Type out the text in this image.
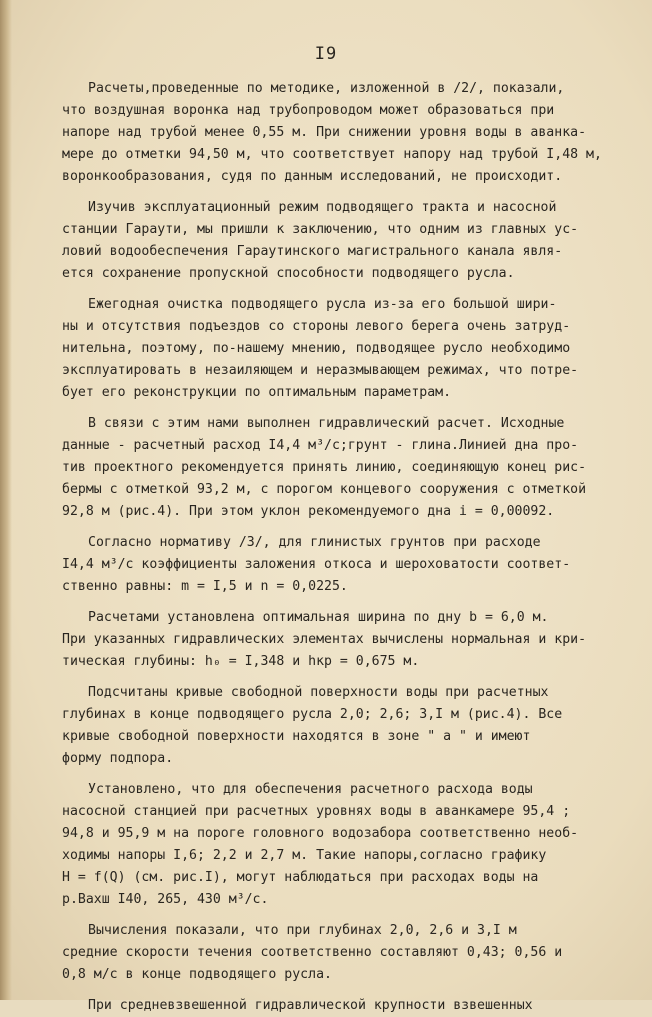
I9
Расчеты,проведенные по методике, изложенной в /2/, показали,
что воздушная воронка над трубопроводом может образоваться при
напоре над трубой менее 0,55 м. При снижении уровня воды в аванка-
мере до отметки 94,50 м, что соответствует напору над трубой I,48 м,
воронкообразования, судя по данным исследований, не происходит.
Изучив эксплуатационный режим подводящего тракта и насосной
станции Гараути, мы пришли к заключению, что одним из главных ус-
ловий водообеспечения Гараутинского магистрального канала явля-
ется сохранение пропускной способности подводящего русла.
Ежегодная очистка подводящего русла из-за его большой шири-
ны и отсутствия подъездов со стороны левого берега очень затруд-
нительна, поэтому, по-нашему мнению, подводящее русло необходимо
эксплуатировать в незаиляющем и неразмывающем режимах, что потре-
бует его реконструкции по оптимальным параметрам.
В связи с этим нами выполнен гидравлический расчет. Исходные
данные - расчетный расход I4,4 м³/с;грунт - глина.Линией дна про-
тив проектного рекомендуется принять линию, соединяющую конец рис-
бермы с отметкой 93,2 м, с порогом концевого сооружения с отметкой
92,8 м (рис.4). При этом уклон рекомендуемого дна i = 0,00092.
Согласно нормативу /3/, для глинистых грунтов при расходе
I4,4 м³/с коэффициенты заложения откоса и шероховатости соответ-
ственно равны: m = I,5 и n = 0,0225.
Расчетами установлена оптимальная ширина по дну b = 6,0 м.
При указанных гидравлических элементах вычислены нормальная и кри-
тическая глубины: h₀ = I,348 и hкр = 0,675 м.
Подсчитаны кривые свободной поверхности воды при расчетных
глубинах в конце подводящего русла 2,0; 2,6; 3,I м (рис.4). Все
кривые свободной поверхности находятся в зоне " a " и имеют
форму подпора.
Установлено, что для обеспечения расчетного расхода воды
насосной станцией при расчетных уровнях воды в аванкамере 95,4 ;
94,8 и 95,9 м на пороге головного водозабора соответственно необ-
ходимы напоры I,6; 2,2 и 2,7 м. Такие напоры,согласно графику
H = f(Q) (см. рис.I), могут наблюдаться при расходах воды на
р.Вахш I40, 265, 430 м³/с.
Вычисления показали, что при глубинах 2,0, 2,6 и 3,I м
средние скорости течения соответственно составляют 0,43; 0,56 и
0,8 м/с в конце подводящего русла.
При средневзвешенной гидравлической крупности взвешенных
